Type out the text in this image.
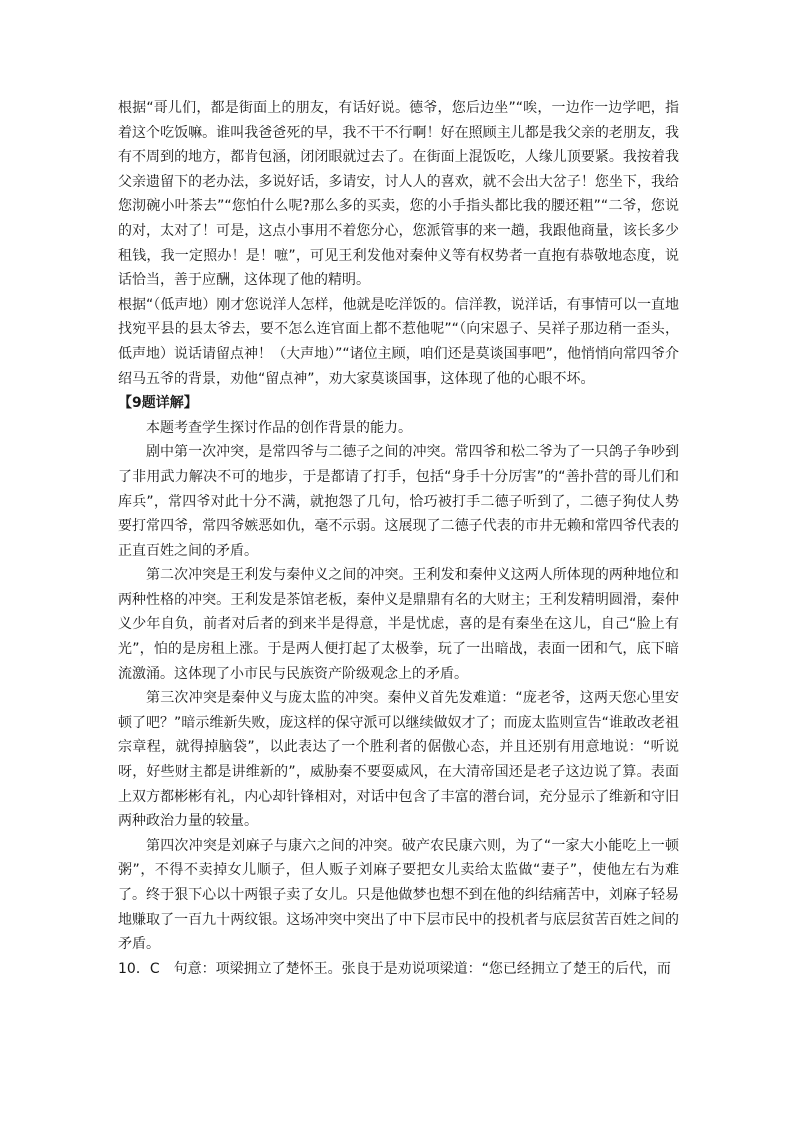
根据“哥儿们，都是街面上的朋友，有话好说。德爷，您后边坐”“唉，一边作一边学吧，指着这个吃饭嘛。谁叫我爸爸死的早，我不干不行啊！好在照顾主儿都是我父亲的老朋友，我有不周到的地方，都肯包涵，闭闭眼就过去了。在街面上混饭吃，人缘儿顶要紧。我按着我父亲遗留下的老办法，多说好话，多请安，讨人人的喜欢，就不会出大岔子！您坐下，我给您沏碗小叶茶去”“您怕什么呢?那么多的买卖，您的小手指头都比我的腰还粗”“二爷，您说的对，太对了！可是，这点小事用不着您分心，您派管事的来一趟，我跟他商量，该长多少租钱，我一定照办！是！嗻”，可见王利发他对秦仲义等有权势者一直抱有恭敬地态度，说话恰当，善于应酬，这体现了他的精明。

根据“（低声地）刚才您说洋人怎样，他就是吃洋饭的。信洋教，说洋话，有事情可以一直地找宛平县的县太爷去，要不怎么连官面上都不惹他呢”“（向宋恩子、吴祥子那边稍一歪头，低声地）说话请留点神！（大声地）”“诸位主顾，咱们还是莫谈国事吧”，他悄悄向常四爷介绍马五爷的背景，劝他“留点神”，劝大家莫谈国事，这体现了他的心眼不坏。

【9题详解】

本题考查学生探讨作品的创作背景的能力。

剧中第一次冲突，是常四爷与二德子之间的冲突。常四爷和松二爷为了一只鸽子争吵到了非用武力解决不可的地步，于是都请了打手，包括“身手十分厉害”的“善扑营的哥儿们和库兵”，常四爷对此十分不满，就抱怨了几句，恰巧被打手二德子听到了，二德子狗仗人势要打常四爷，常四爷嫉恶如仇，毫不示弱。这展现了二德子代表的市井无赖和常四爷代表的正直百姓之间的矛盾。

第二次冲突是王利发与秦仲义之间的冲突。王利发和秦仲义这两人所体现的两种地位和两种性格的冲突。王利发是茶馆老板，秦仲义是鼎鼎有名的大财主；王利发精明圆滑，秦仲义少年自负，前者对后者的到来半是得意，半是忧虑，喜的是有秦坐在这儿，自己“脸上有光”，怕的是房租上涨。于是两人便打起了太极拳，玩了一出暗战，表面一团和气，底下暗流激涌。这体现了小市民与民族资产阶级观念上的矛盾。

第三次冲突是秦仲义与庞太监的冲突。秦仲义首先发难道：“庞老爷，这两天您心里安顿了吧？”暗示维新失败，庞这样的保守派可以继续做奴才了；而庞太监则宣告“谁敢改老祖宗章程，就得掉脑袋”，以此表达了一个胜利者的倨傲心态，并且还别有用意地说：“听说呀，好些财主都是讲维新的”，威胁秦不要耍威风，在大清帝国还是老子这边说了算。表面上双方都彬彬有礼，内心却针锋相对，对话中包含了丰富的潜台词，充分显示了维新和守旧两种政治力量的较量。

第四次冲突是刘麻子与康六之间的冲突。破产农民康六则，为了“一家大小能吃上一顿粥”，不得不卖掉女儿顺子，但人贩子刘麻子要把女儿卖给太监做“妻子”，使他左右为难了。终于狠下心以十两银子卖了女儿。只是他做梦也想不到在他的纠结痛苦中，刘麻子轻易地赚取了一百九十两纹银。这场冲突中突出了中下层市民中的投机者与底层贫苦百姓之间的矛盾。

10．C　句意：项梁拥立了楚怀王。张良于是劝说项梁道：“您已经拥立了楚王的后代，而
